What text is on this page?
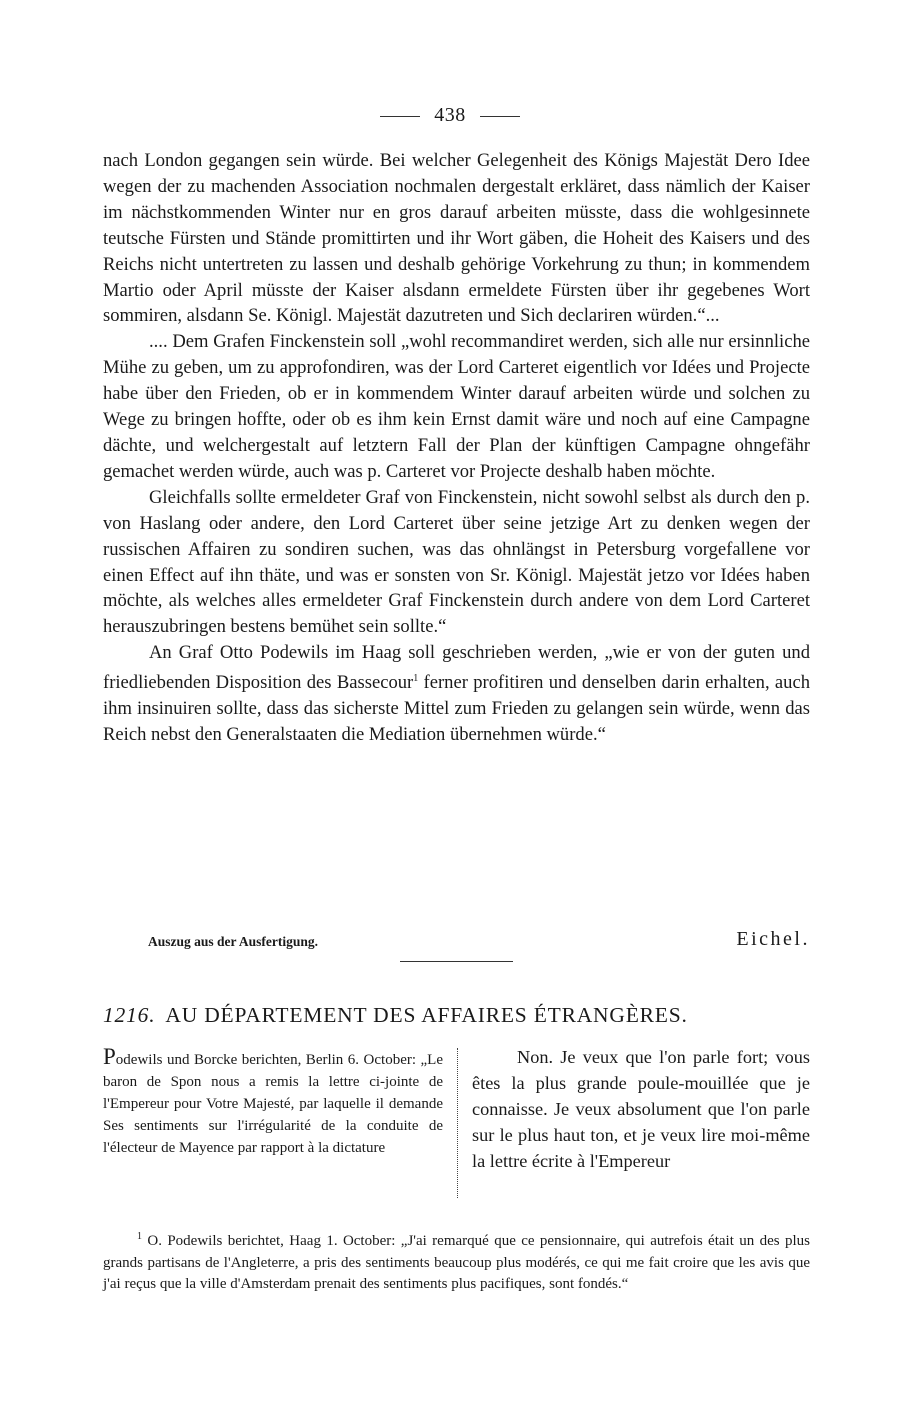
438

nach London gegangen sein würde. Bei welcher Gelegenheit des Königs Majestät Dero Idee wegen der zu machenden Association nochmalen dergestalt erkläret, dass nämlich der Kaiser im nächstkommenden Winter nur en gros darauf arbeiten müsste, dass die wohlgesinnete teutsche Fürsten und Stände promittirten und ihr Wort gäben, die Hoheit des Kaisers und des Reichs nicht untertreten zu lassen und deshalb gehörige Vorkehrung zu thun; in kommendem Martio oder April müsste der Kaiser alsdann ermeldete Fürsten über ihr gegebenes Wort sommiren, alsdann Se. Königl. Majestät dazutreten und Sich declariren würden.“...

.... Dem Grafen Finckenstein soll „wohl recommandiret werden, sich alle nur ersinnliche Mühe zu geben, um zu approfondiren, was der Lord Carteret eigentlich vor Idées und Projecte habe über den Frieden, ob er in kommendem Winter darauf arbeiten würde und solchen zu Wege zu bringen hoffte, oder ob es ihm kein Ernst damit wäre und noch auf eine Campagne dächte, und welchergestalt auf letztern Fall der Plan der künftigen Campagne ohngefähr gemachet werden würde, auch was p. Carteret vor Projecte deshalb haben möchte.

Gleichfalls sollte ermeldeter Graf von Finckenstein, nicht sowohl selbst als durch den p. von Haslang oder andere, den Lord Carteret über seine jetzige Art zu denken wegen der russischen Affairen zu sondiren suchen, was das ohnlängst in Petersburg vorgefallene vor einen Effect auf ihn thäte, und was er sonsten von Sr. Königl. Majestät jetzo vor Idées haben möchte, als welches alles ermeldeter Graf Finckenstein durch andere von dem Lord Carteret herauszubringen bestens bemühet sein sollte.“

An Graf Otto Podewils im Haag soll geschrieben werden, „wie er von der guten und friedliebenden Disposition des Bassecour$^1$ ferner profitiren und denselben darin erhalten, auch ihm insinuiren sollte, dass das sicherste Mittel zum Frieden zu gelangen sein würde, wenn das Reich nebst den Generalstaaten die Mediation übernehmen würde.“

Auszug aus der Ausfertigung.	Eichel.
1216. AU DÉPARTEMENT DES AFFAIRES ÉTRANGÈRES.
Podewils und Borcke berichten, Berlin 6. October: „Le baron de Spon nous a remis la lettre ci-jointe de l'Empereur pour Votre Majesté, par laquelle il demande Ses sentiments sur l'irrégularité de la conduite de l'électeur de Mayence par rapport à la dictature
Non. Je veux que l'on parle fort; vous êtes la plus grande poule-mouillée que je connaisse. Je veux absolument que l'on parle sur le plus haut ton, et je veux lire moi-même la lettre écrite à l'Empereur
$^1$ O. Podewils berichtet, Haag 1. October: „J'ai remarqué que ce pensionnaire, qui autrefois était un des plus grands partisans de l'Angleterre, a pris des sentiments beaucoup plus modérés, ce qui me fait croire que les avis que j'ai reçus que la ville d'Amsterdam prenait des sentiments plus pacifiques, sont fondés.“
